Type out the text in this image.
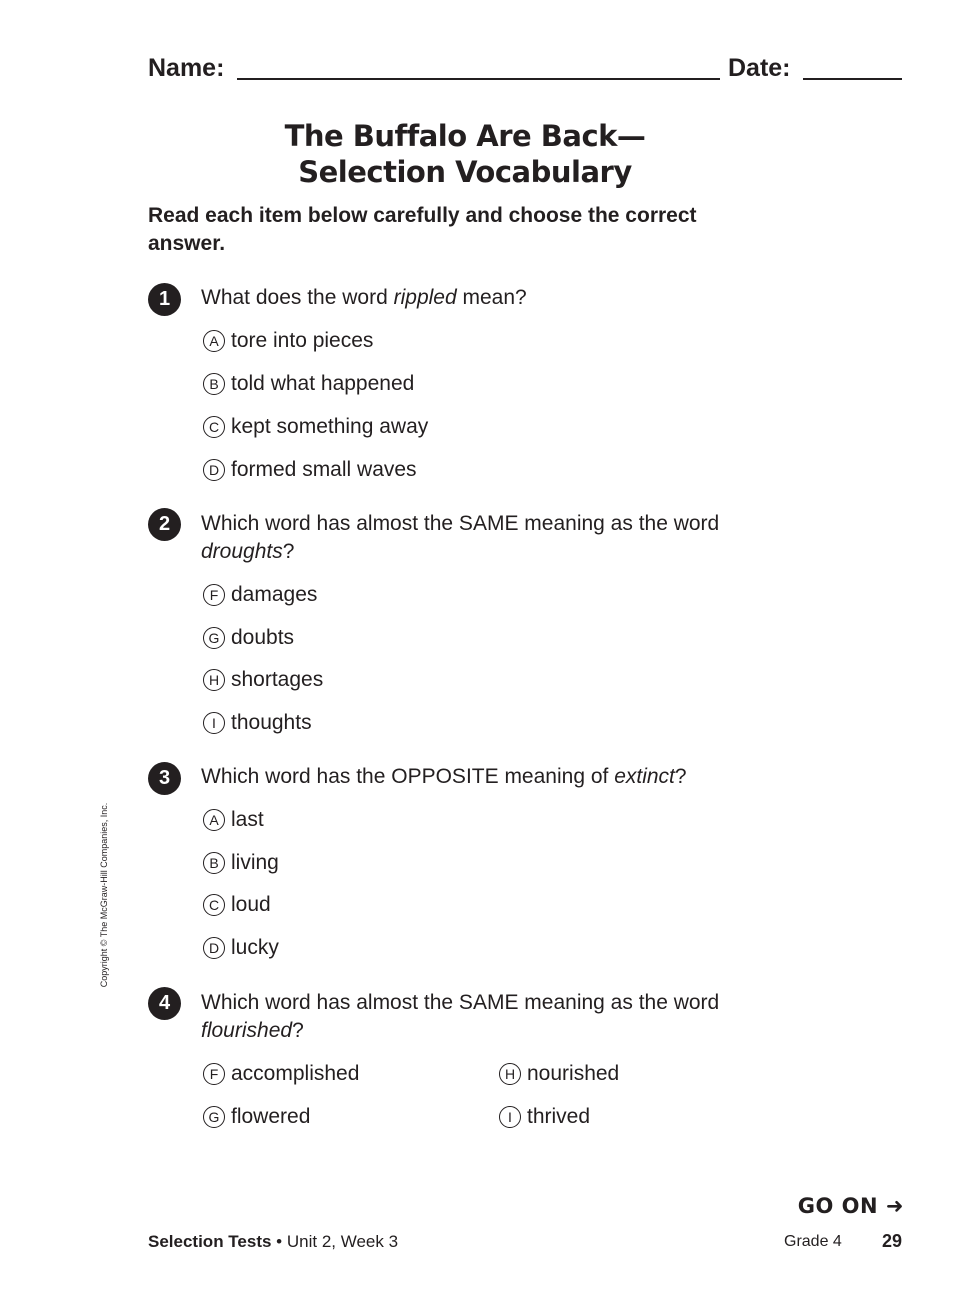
Name:	Date:
The Buffalo Are Back—
Selection Vocabulary
Read each item below carefully and choose the correct answer.
1	What does the word rippled mean?
A tore into pieces
B told what happened
C kept something away
D formed small waves
2	Which word has almost the SAME meaning as the word droughts?
F damages
G doubts
H shortages
I thoughts
3	Which word has the OPPOSITE meaning of extinct?
A last
B living
C loud
D lucky
4	Which word has almost the SAME meaning as the word flourished?
F accomplished
G flowered
H nourished
I thrived
Copyright © The McGraw-Hill Companies, Inc.
GO ON ➜
Selection Tests • Unit 2, Week 3	Grade 4 29
